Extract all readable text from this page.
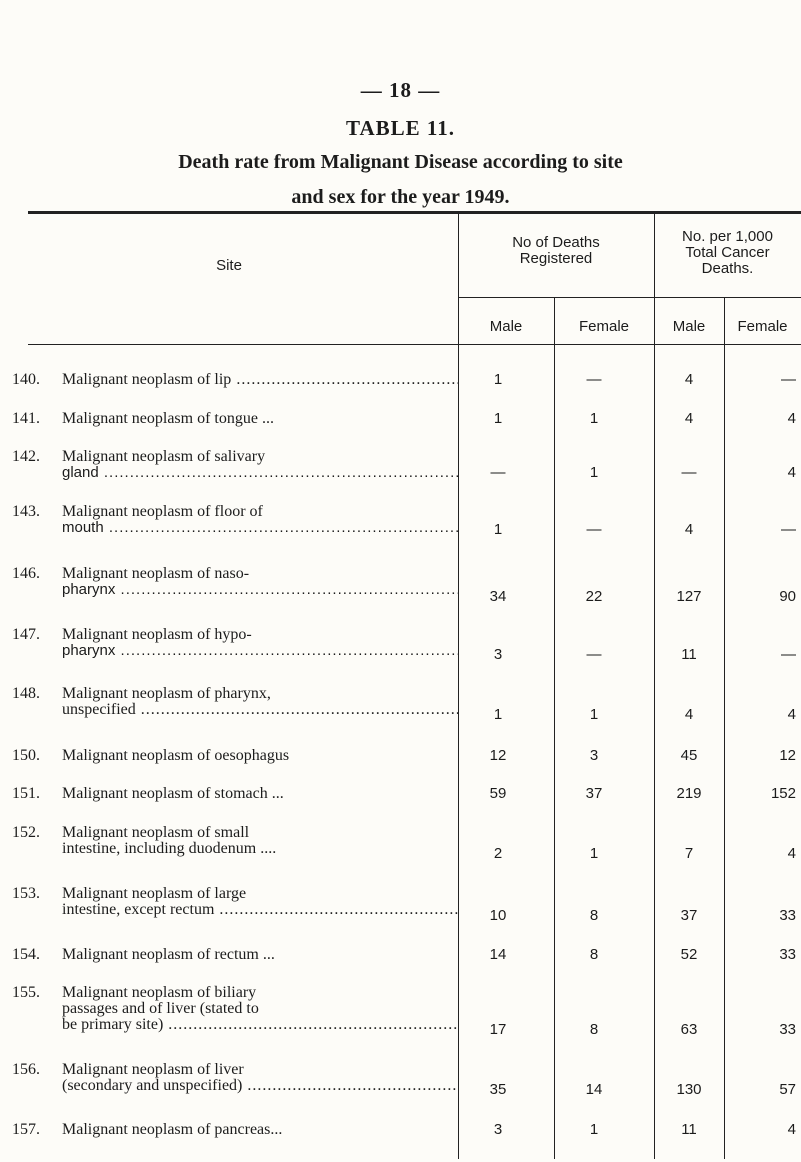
— 18 —
TABLE 11.
Death rate from Malignant Disease according to site
and sex for the year 1949.
Site
No of Deaths
Registered
No. per 1,000
Total Cancer
Deaths.
Male	Female	Male	Female
140.	Malignant neoplasm of lip .....	1	—	4	—
141.	Malignant neoplasm of tongue ...	1	1	4	4
142.	Malignant neoplasm of salivary
gland .....	—	1	—	4
143.	Malignant neoplasm of floor of
mouth .....	1	—	4	—
146.	Malignant neoplasm of naso-
pharynx .....	34	22	127	90
147.	Malignant neoplasm of hypo-
pharynx .....	3	—	11	—
148.	Malignant neoplasm of pharynx,
unspecified .....	1	1	4	4
150.	Malignant neoplasm of oesophagus	12	3	45	12
151.	Malignant neoplasm of stomach ...	59	37	219	152
152.	Malignant neoplasm of small
intestine, including duodenum ....	2	1	7	4
153.	Malignant neoplasm of large
intestine, except rectum .....	10	8	37	33
154.	Malignant neoplasm of rectum ...	14	8	52	33
155.	Malignant neoplasm of biliary
passages and of liver (stated to
be primary site) .....	17	8	63	33
156.	Malignant neoplasm of liver
(secondary and unspecified) .....	35	14	130	57
157.	Malignant neoplasm of pancreas...	3	1	11	4
